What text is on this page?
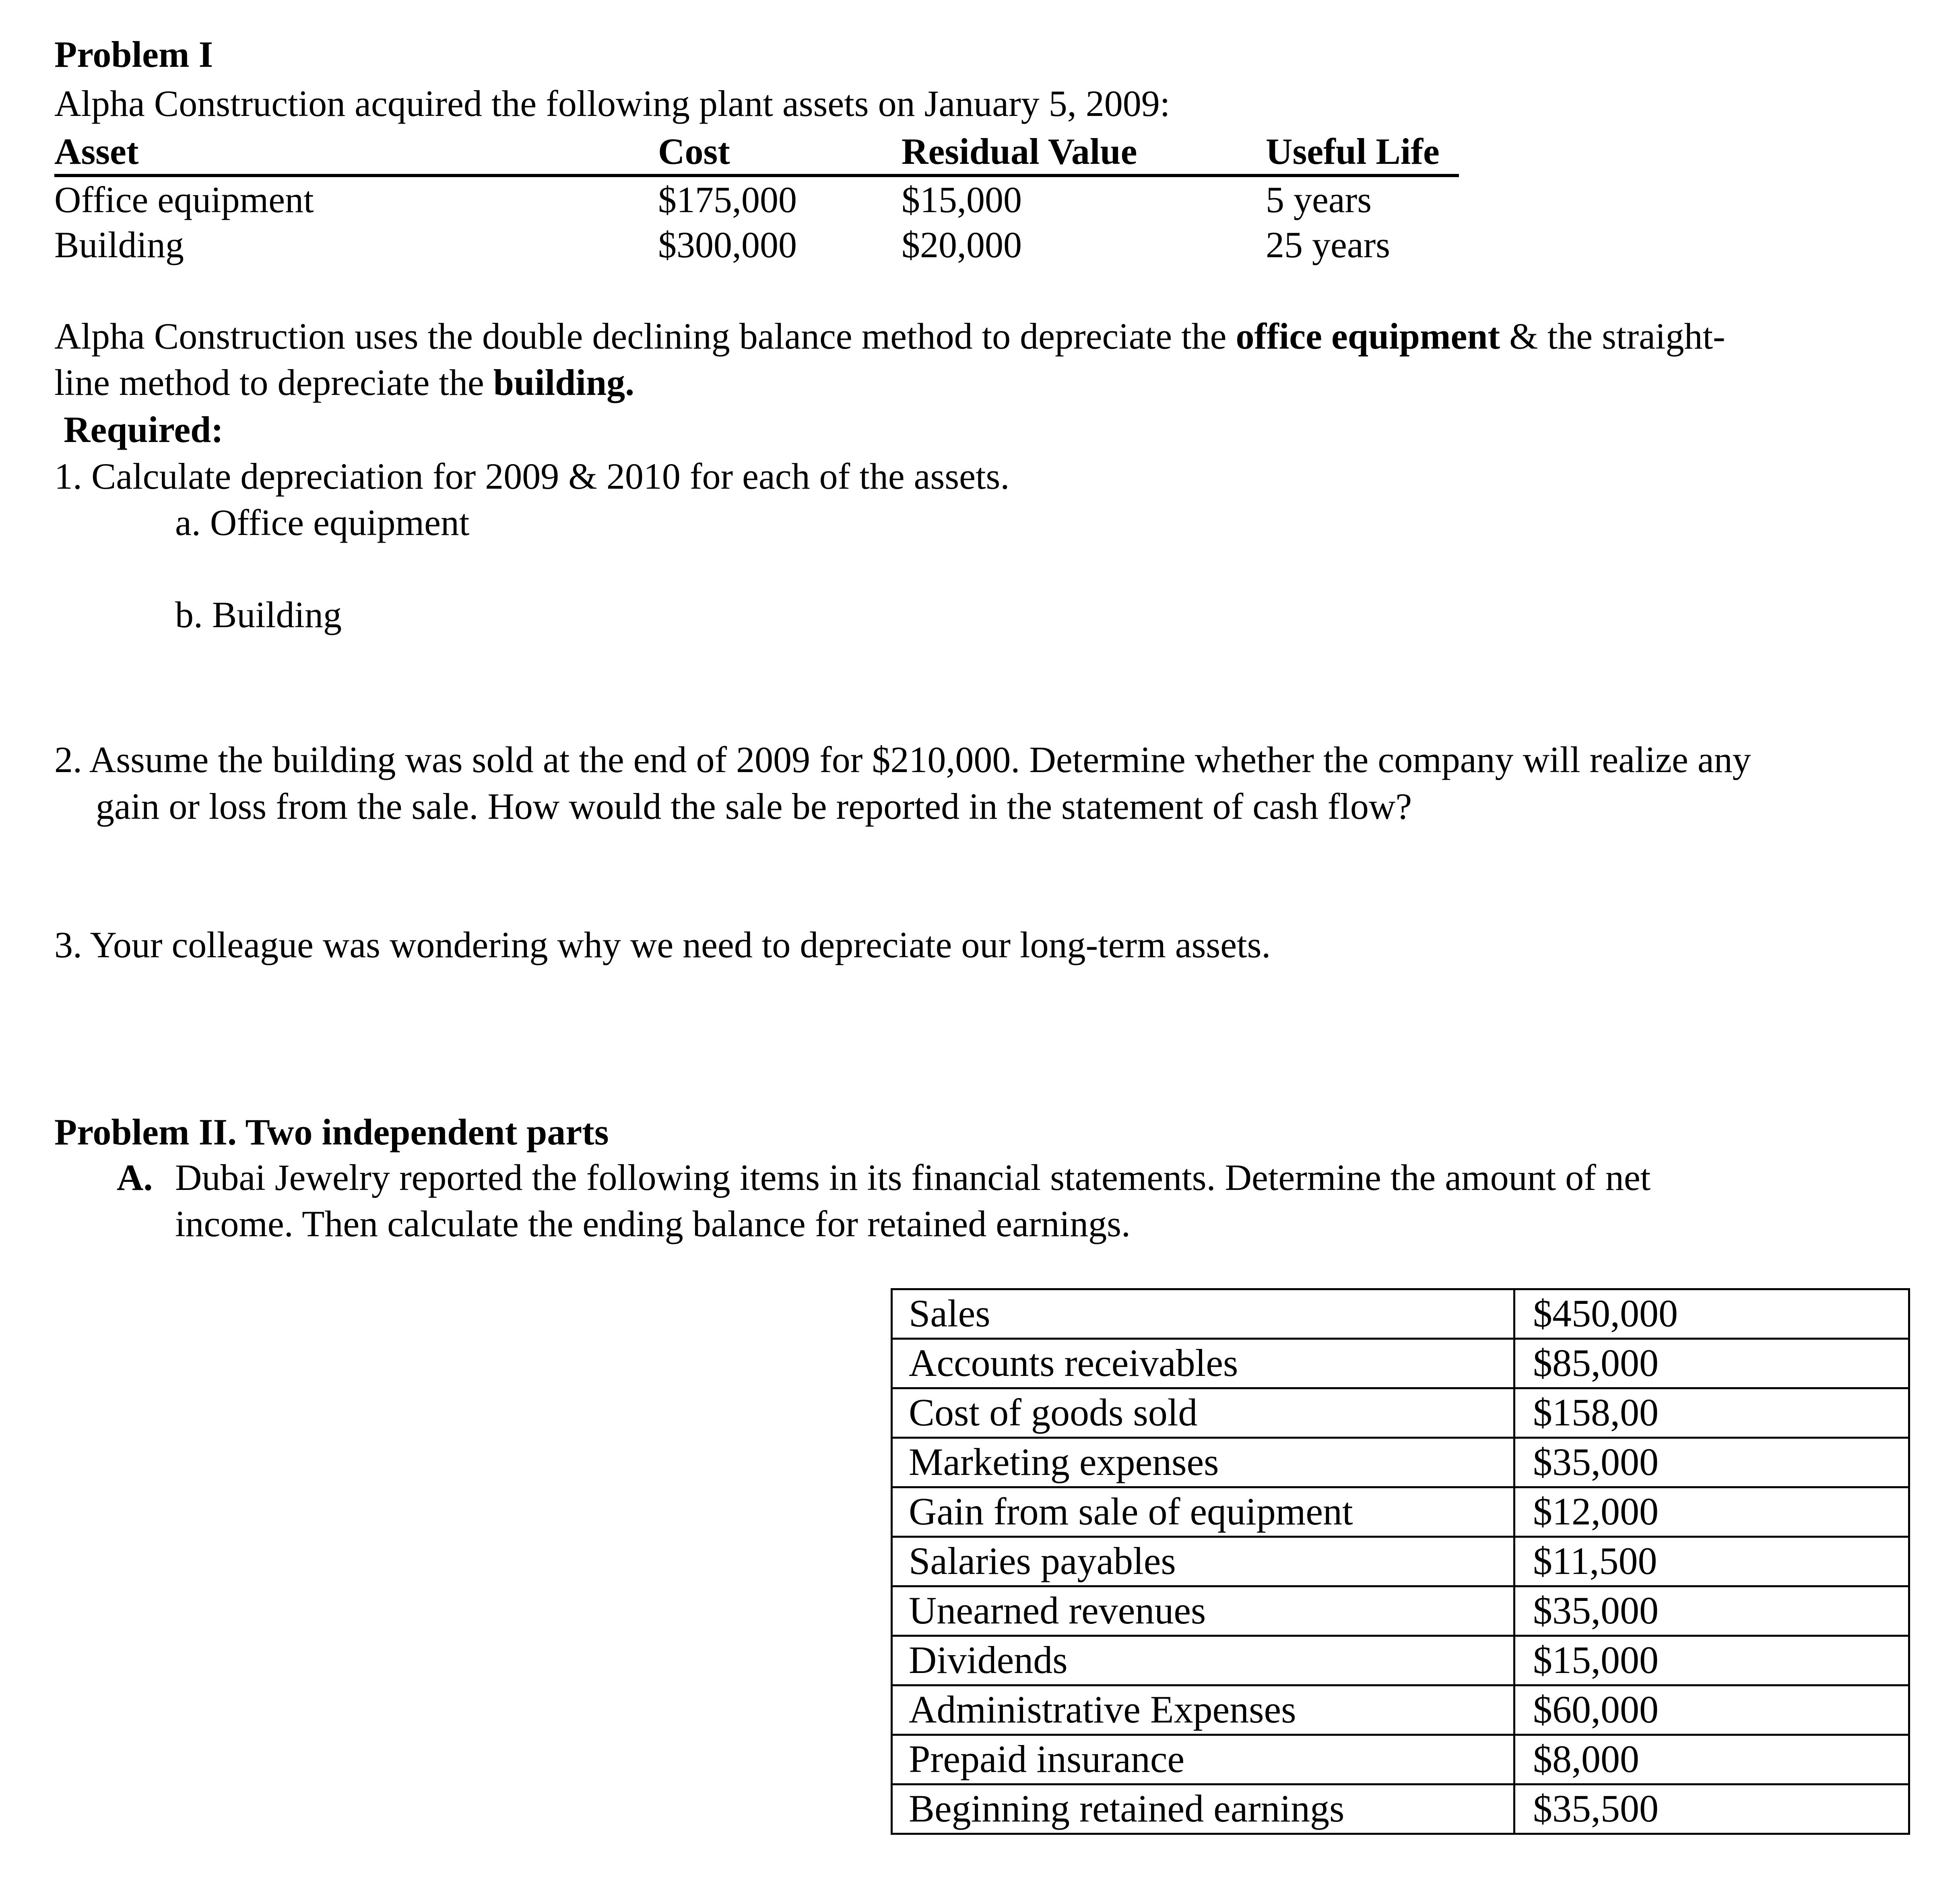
Problem I
Alpha Construction acquired the following plant assets on January 5, 2009:
Asset	Cost	Residual Value	Useful Life
Office equipment	$175,000	$15,000	5 years
Building	$300,000	$20,000	25 years
Alpha Construction uses the double declining balance method to depreciate the office equipment & the straight-
line method to depreciate the building.
Required:
1. Calculate depreciation for 2009 & 2010 for each of the assets.
a. Office equipment
b. Building
2. Assume the building was sold at the end of 2009 for $210,000. Determine whether the company will realize any
gain or loss from the sale. How would the sale be reported in the statement of cash flow?
3. Your colleague was wondering why we need to depreciate our long-term assets.
Problem II. Two independent parts
A. Dubai Jewelry reported the following items in its financial statements. Determine the amount of net
income. Then calculate the ending balance for retained earnings.
Sales	$450,000
Accounts receivables	$85,000
Cost of goods sold	$158,00
Marketing expenses	$35,000
Gain from sale of equipment	$12,000
Salaries payables	$11,500
Unearned revenues	$35,000
Dividends	$15,000
Administrative Expenses	$60,000
Prepaid insurance	$8,000
Beginning retained earnings	$35,500
